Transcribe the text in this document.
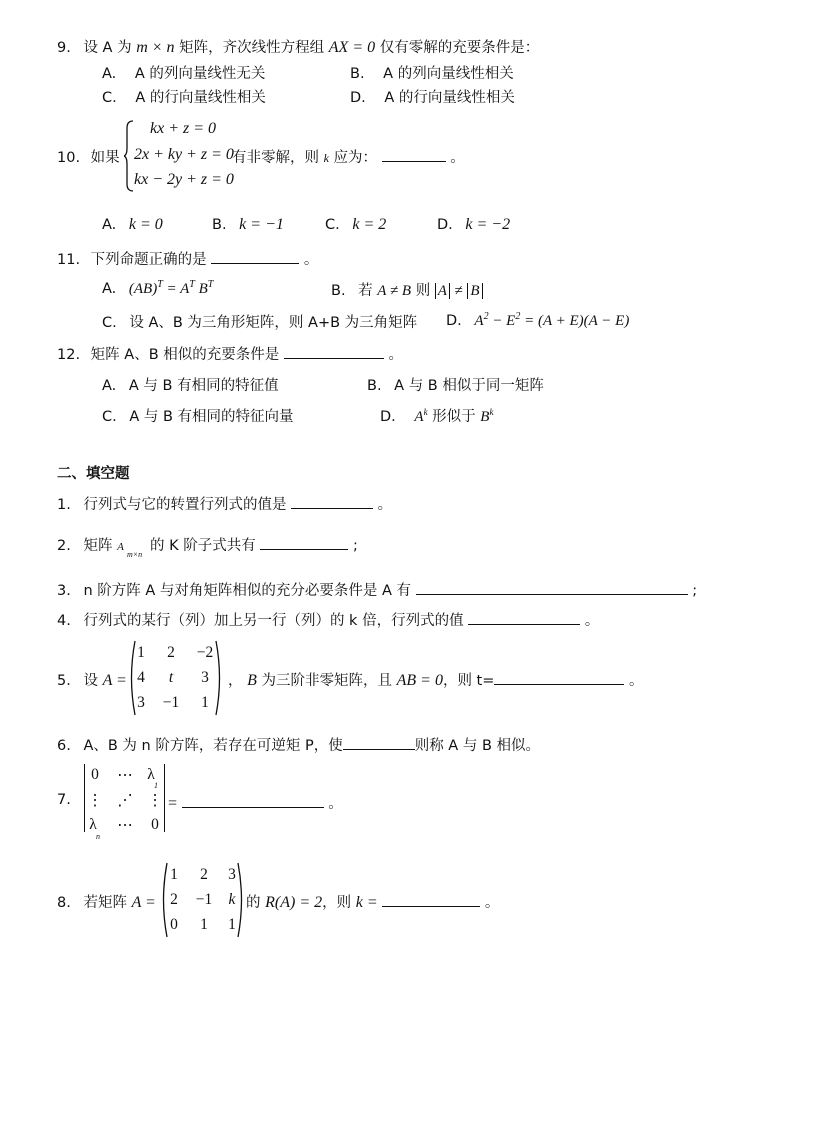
9. 设 A 为 m × n 矩阵，齐次线性方程组 AX = 0 仅有零解的充要条件是：
A. A 的列向量线性无关	B. A 的列向量线性相关
C. A 的行向量线性相关	D. A 的行向量线性相关
10. 如果
kx + z = 0
2x + ky + z = 0
kx − 2y + z = 0
有非零解，则 k 应为：	。
A. k = 0	B. k = −1	C. k = 2	D. k = −2
11. 下列命题正确的是	。
A. $(AB)^T = A^T$ $B^T$	B. 若 A ≠ B 则 A ≠ B
C. 设 A、B 为三角形矩阵，则 A+B 为三角矩阵 D. $A^2 - E^2 = (A + E)(A - E)$
12. 矩阵 A、B 相似的充要条件是	。
A. A 与 B 有相同的特征值	B. A 与 B 相似于同一矩阵
C. A 与 B 有相同的特征向量	D. $A^k$ 形似于 $B^k$
二、填空题
1. 行列式与它的转置行列式的值是	。
2. 矩阵 A
m×n
的 K 阶子式共有	;
3. n 阶方阵 A 与对角矩阵相似的充分必要条件是 A 有	;
4. 行列式的某行（列）加上另一行（列）的 k 倍，行列式的值	。
5. 设 A =
1	2	−2
4	t	3
3	−1	1
， B 为三阶非零矩阵，且 AB = 0，则 t=	。
6. A、B 为 n 阶方阵，若存在可逆矩 P，使	则称 A 与 B 相似。
7.
0	⋯ λ
⋮ ⋰ ⋮
λ	⋯	0
1
n
=	。
8. 若矩阵 A =
1	2	3
2	−1	k
0	1	1
的 R(A) = 2，则 k =	。
